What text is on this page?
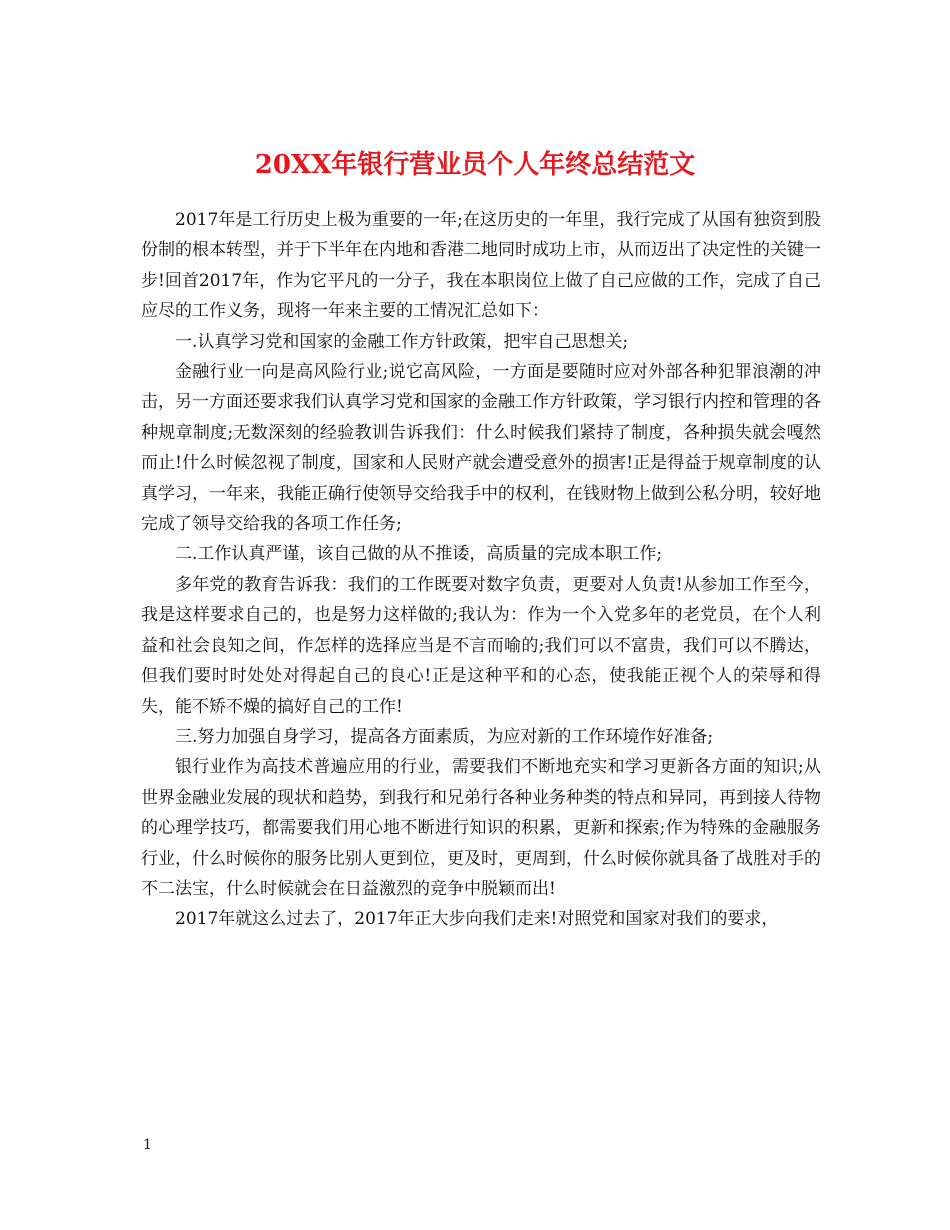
20XX年银行营业员个人年终总结范文

2017年是工行历史上极为重要的一年;在这历史的一年里，我行完成了从国有独资到股份制的根本转型，并于下半年在内地和香港二地同时成功上市，从而迈出了决定性的关键一步!回首2017年，作为它平凡的一分子，我在本职岗位上做了自己应做的工作，完成了自己应尽的工作义务，现将一年来主要的工情况汇总如下：

一.认真学习党和国家的金融工作方针政策，把牢自己思想关;

金融行业一向是高风险行业;说它高风险，一方面是要随时应对外部各种犯罪浪潮的冲击，另一方面还要求我们认真学习党和国家的金融工作方针政策，学习银行内控和管理的各种规章制度;无数深刻的经验教训告诉我们：什么时候我们紧持了制度，各种损失就会嘎然而止!什么时候忽视了制度，国家和人民财产就会遭受意外的损害!正是得益于规章制度的认真学习，一年来，我能正确行使领导交给我手中的权利，在钱财物上做到公私分明，较好地完成了领导交给我的各项工作任务;

二.工作认真严谨，该自己做的从不推诿，高质量的完成本职工作;

多年党的教育告诉我：我们的工作既要对数字负责，更要对人负责!从参加工作至今，我是这样要求自己的，也是努力这样做的;我认为：作为一个入党多年的老党员，在个人利益和社会良知之间，作怎样的选择应当是不言而喻的;我们可以不富贵，我们可以不腾达，但我们要时时处处对得起自己的良心!正是这种平和的心态，使我能正视个人的荣辱和得失，能不矫不燥的搞好自己的工作!

三.努力加强自身学习，提高各方面素质，为应对新的工作环境作好准备;

银行业作为高技术普遍应用的行业，需要我们不断地充实和学习更新各方面的知识;从世界金融业发展的现状和趋势，到我行和兄弟行各种业务种类的特点和异同，再到接人待物的心理学技巧，都需要我们用心地不断进行知识的积累，更新和探索;作为特殊的金融服务行业，什么时候你的服务比别人更到位，更及时，更周到，什么时候你就具备了战胜对手的不二法宝，什么时候就会在日益激烈的竞争中脱颖而出!

2017年就这么过去了，2017年正大步向我们走来!对照党和国家对我们的要求，

1
